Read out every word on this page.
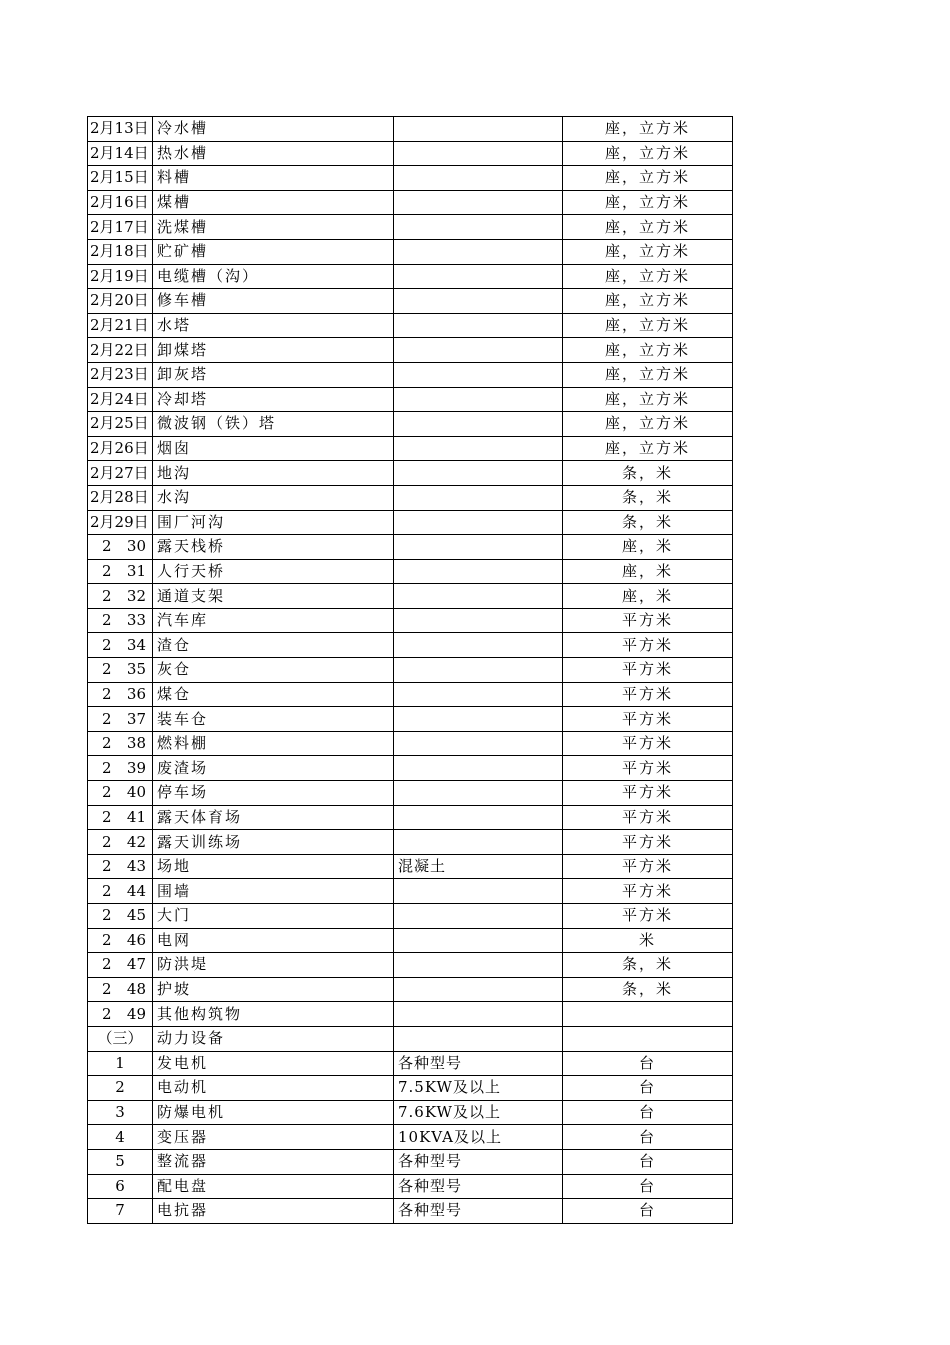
2月13日	冷水槽		座，立方米
2月14日	热水槽		座，立方米
2月15日	料槽		座，立方米
2月16日	煤槽		座，立方米
2月17日	洗煤槽		座，立方米
2月18日	贮矿槽		座，立方米
2月19日	电缆槽（沟）		座，立方米
2月20日	修车槽		座，立方米
2月21日	水塔		座，立方米
2月22日	卸煤塔		座，立方米
2月23日	卸灰塔		座，立方米
2月24日	冷却塔		座，立方米
2月25日	微波钢（铁）塔		座，立方米
2月26日	烟囱		座，立方米
2月27日	地沟		条，米
2月28日	水沟		条，米
2月29日	围厂河沟		条，米

2 30	露天栈桥		座，米

2 31	人行天桥		座，米

2 32	通道支架		座，米

2 33	汽车库		平方米

2 34	渣仓		平方米

2 35	灰仓		平方米

2 36	煤仓		平方米

2 37	装车仓		平方米

2 38	燃料棚		平方米

2 39	废渣场		平方米

2 40	停车场		平方米

2 41	露天体育场		平方米

2 42	露天训练场		平方米

2 43	场地	混凝土	平方米

2 44	围墙		平方米

2 45	大门		平方米

2 46	电网		米

2 47	防洪堤		条，米

2 48	护坡		条，米

2 49	其他构筑物		
（三）	动力设备		
1	发电机	各种型号	台
2	电动机	7.5KW及以上	台
3	防爆电机	7.6KW及以上	台
4	变压器	10KVA及以上	台
5	整流器	各种型号	台
6	配电盘	各种型号	台
7	电抗器	各种型号	台
